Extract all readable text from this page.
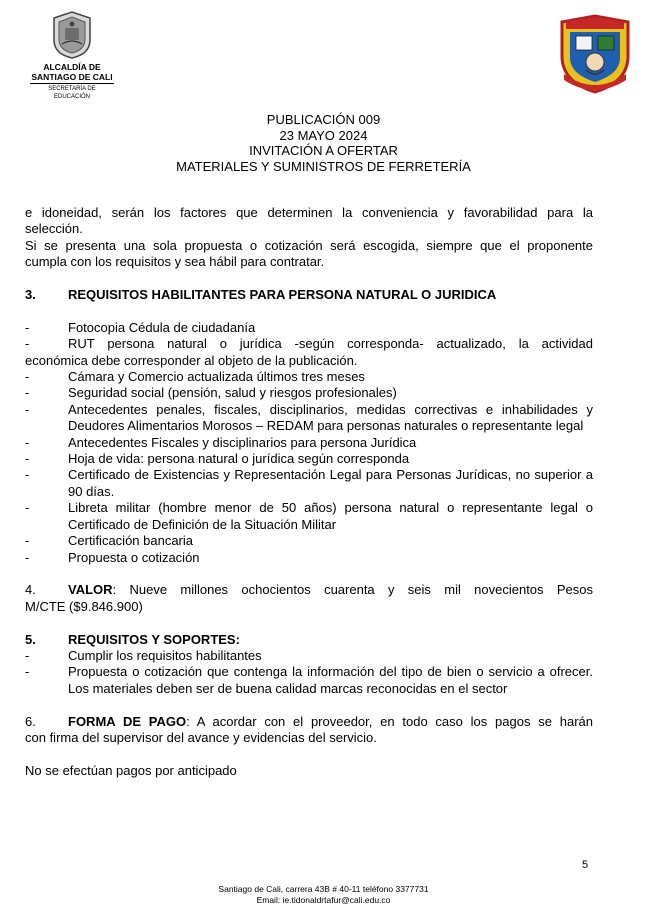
ALCALDÍA DE
SANTIAGO DE CALI
SECRETARÍA DE EDUCACIÓN
PUBLICACIÓN 009
23 MAYO 2024
INVITACIÓN A OFERTAR
MATERIALES Y SUMINISTROS DE FERRETERÍA
e idoneidad, serán los factores que determinen la conveniencia y favorabilidad para la
selección.
Si se presenta una sola propuesta o cotización será escogida, siempre que el proponente
cumpla con los requisitos y sea hábil para contratar.
3.	REQUISITOS HABILITANTES PARA PERSONA NATURAL O JURIDICA
-	Fotocopia Cédula de ciudadanía
-	RUT persona natural o jurídica -según corresponda- actualizado, la actividad
económica debe corresponder al objeto de la publicación.
-	Cámara y Comercio actualizada últimos tres meses
-	Seguridad social (pensión, salud y riesgos profesionales)
-	Antecedentes penales, fiscales, disciplinarios, medidas correctivas e inhabilidades y Deudores Alimentarios Morosos – REDAM para personas naturales o representante legal
-	Antecedentes Fiscales y disciplinarios para persona Jurídica
-	Hoja de vida: persona natural o jurídica según corresponda
-	Certificado de Existencias y Representación Legal para Personas Jurídicas, no superior a 90 días.
-	Libreta militar (hombre menor de 50 años) persona natural o representante legal o Certificado de Definición de la Situación Militar
-	Certificación bancaria
-	Propuesta o cotización
4.	VALOR: Nueve millones ochocientos cuarenta y seis mil novecientos Pesos
M/CTE ($9.846.900)
5.	REQUISITOS Y SOPORTES:
-	Cumplir los requisitos habilitantes
-	Propuesta o cotización que contenga la información del tipo de bien o servicio a ofrecer. Los materiales deben ser de buena calidad marcas reconocidas en el sector
6.	FORMA DE PAGO: A acordar con el proveedor, en todo caso los pagos se harán
con firma del supervisor del avance y evidencias del servicio.
No se efectúan pagos por anticipado
5
Santiago de Cali, carrera 43B # 40-11 teléfono 3377731
Email: ie.tidonaldrtafur@cali.edu.co
